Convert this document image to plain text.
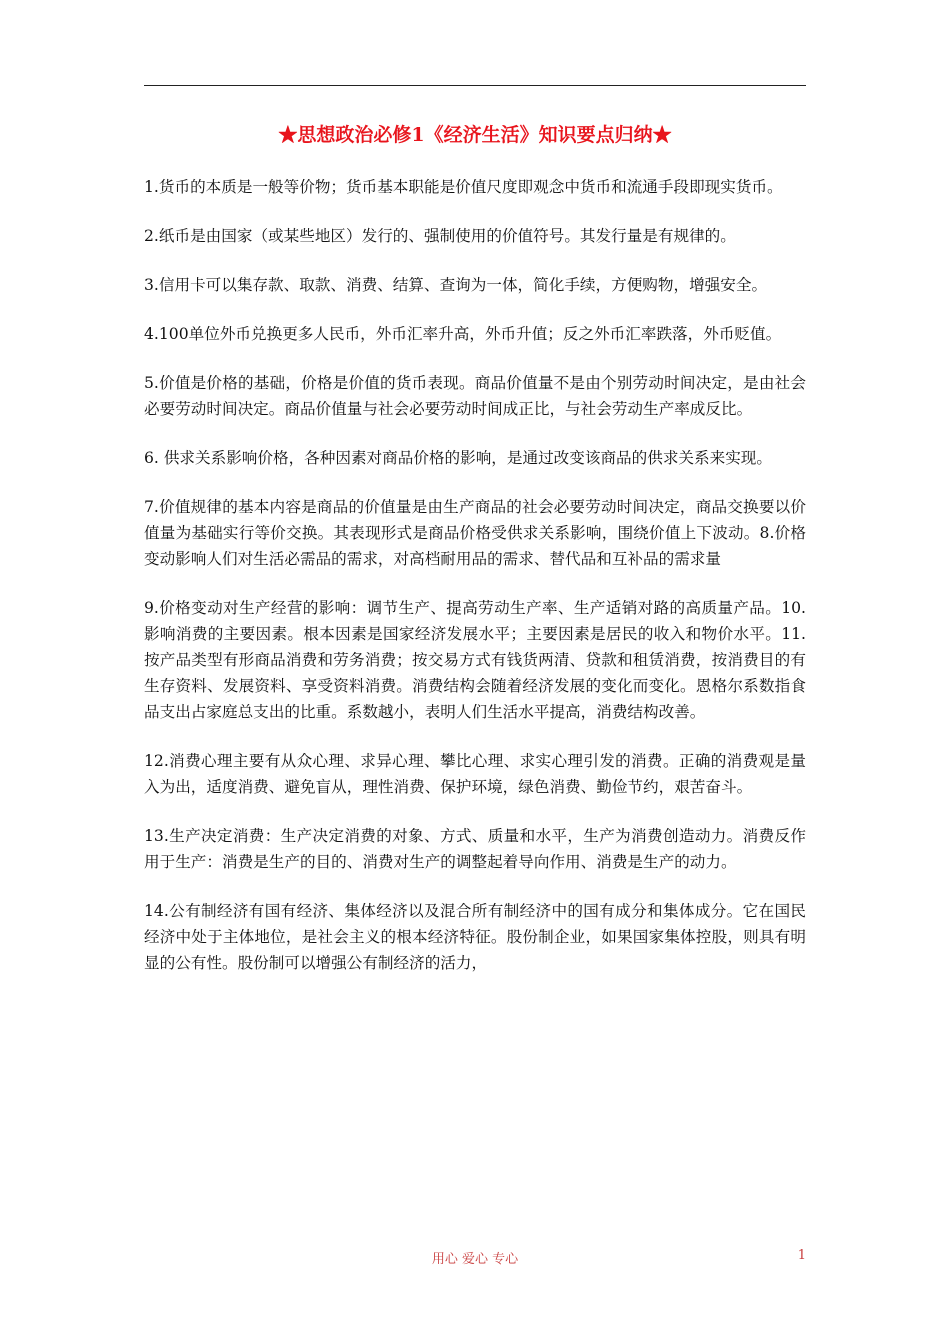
★思想政治必修1《经济生活》知识要点归纳★

1.货币的本质是一般等价物；货币基本职能是价值尺度即观念中货币和流通手段即现实货币。

2.纸币是由国家（或某些地区）发行的、强制使用的价值符号。其发行量是有规律的。

3.信用卡可以集存款、取款、消费、结算、查询为一体，简化手续，方便购物，增强安全。

4.100单位外币兑换更多人民币，外币汇率升高，外币升值；反之外币汇率跌落，外币贬值。

5.价值是价格的基础，价格是价值的货币表现。商品价值量不是由个别劳动时间决定，是由社会必要劳动时间决定。商品价值量与社会必要劳动时间成正比，与社会劳动生产率成反比。

6. 供求关系影响价格，各种因素对商品价格的影响，是通过改变该商品的供求关系来实现。

7.价值规律的基本内容是商品的价值量是由生产商品的社会必要劳动时间决定，商品交换要以价值量为基础实行等价交换。其表现形式是商品价格受供求关系影响，围绕价值上下波动。8.价格变动影响人们对生活必需品的需求，对高档耐用品的需求、替代品和互补品的需求量

9.价格变动对生产经营的影响：调节生产、提高劳动生产率、生产适销对路的高质量产品。10.影响消费的主要因素。根本因素是国家经济发展水平；主要因素是居民的收入和物价水平。11.按产品类型有形商品消费和劳务消费；按交易方式有钱货两清、贷款和租赁消费，按消费目的有生存资料、发展资料、享受资料消费。消费结构会随着经济发展的变化而变化。恩格尔系数指食品支出占家庭总支出的比重。系数越小，表明人们生活水平提高，消费结构改善。

12.消费心理主要有从众心理、求异心理、攀比心理、求实心理引发的消费。正确的消费观是量入为出，适度消费、避免盲从，理性消费、保护环境，绿色消费、勤俭节约，艰苦奋斗。

13.生产决定消费：生产决定消费的对象、方式、质量和水平，生产为消费创造动力。消费反作用于生产：消费是生产的目的、消费对生产的调整起着导向作用、消费是生产的动力。

14.公有制经济有国有经济、集体经济以及混合所有制经济中的国有成分和集体成分。它在国民经济中处于主体地位，是社会主义的根本经济特征。股份制企业，如果国家集体控股，则具有明显的公有性。股份制可以增强公有制经济的活力，

用心 爱心 专心	1
